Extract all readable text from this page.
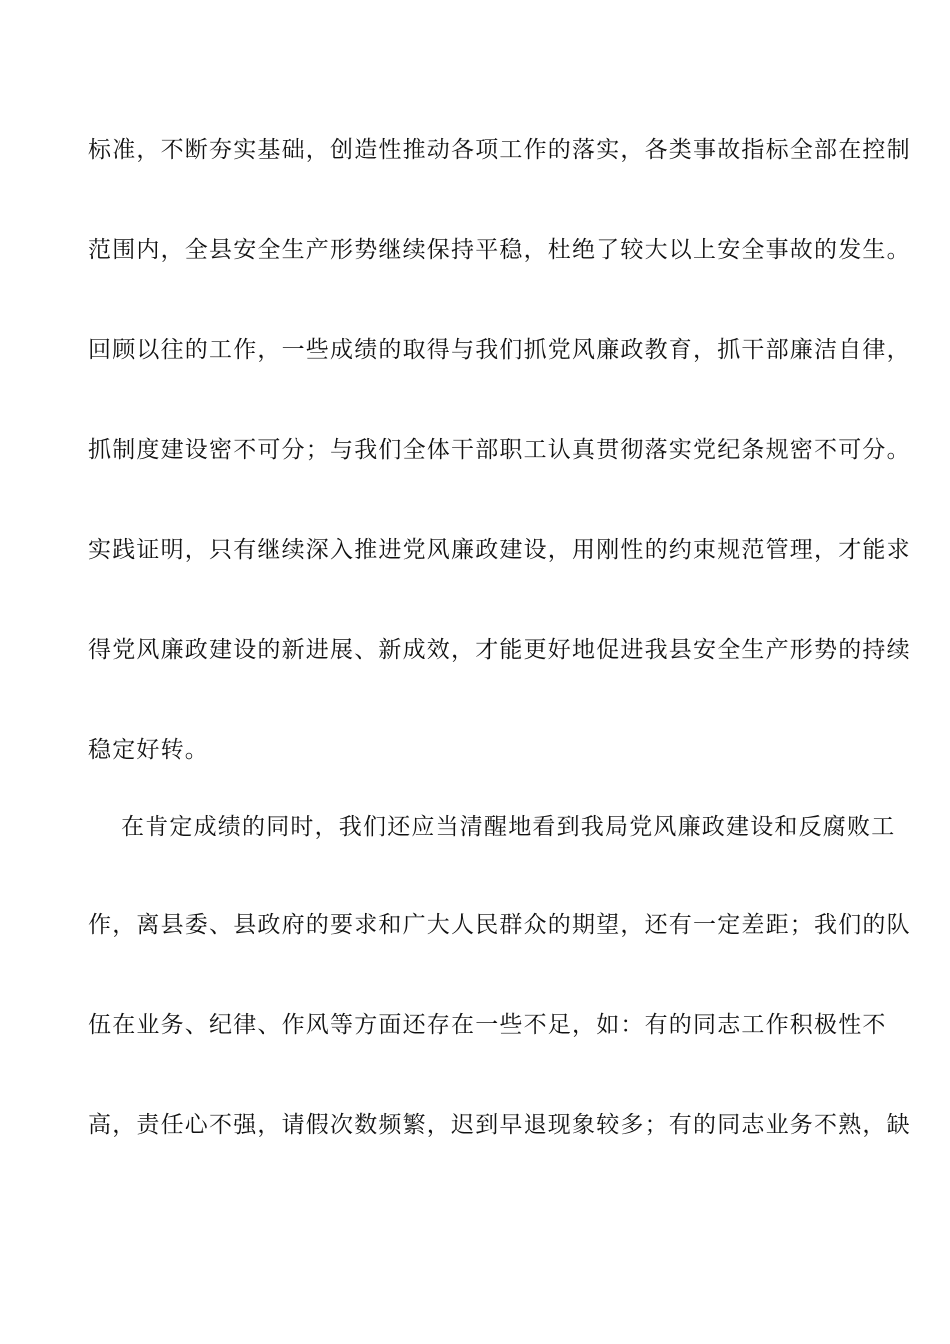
标准，不断夯实基础，创造性推动各项工作的落实，各类事故指标全部在控制
范围内，全县安全生产形势继续保持平稳，杜绝了较大以上安全事故的发生。
回顾以往的工作，一些成绩的取得与我们抓党风廉政教育，抓干部廉洁自律，
抓制度建设密不可分；与我们全体干部职工认真贯彻落实党纪条规密不可分。
实践证明，只有继续深入推进党风廉政建设，用刚性的约束规范管理，才能求
得党风廉政建设的新进展、新成效，才能更好地促进我县安全生产形势的持续
稳定好转。
在肯定成绩的同时，我们还应当清醒地看到我局党风廉政建设和反腐败工
作，离县委、县政府的要求和广大人民群众的期望，还有一定差距；我们的队
伍在业务、纪律、作风等方面还存在一些不足，如：有的同志工作积极性不
高，责任心不强，请假次数频繁，迟到早退现象较多；有的同志业务不熟，缺
